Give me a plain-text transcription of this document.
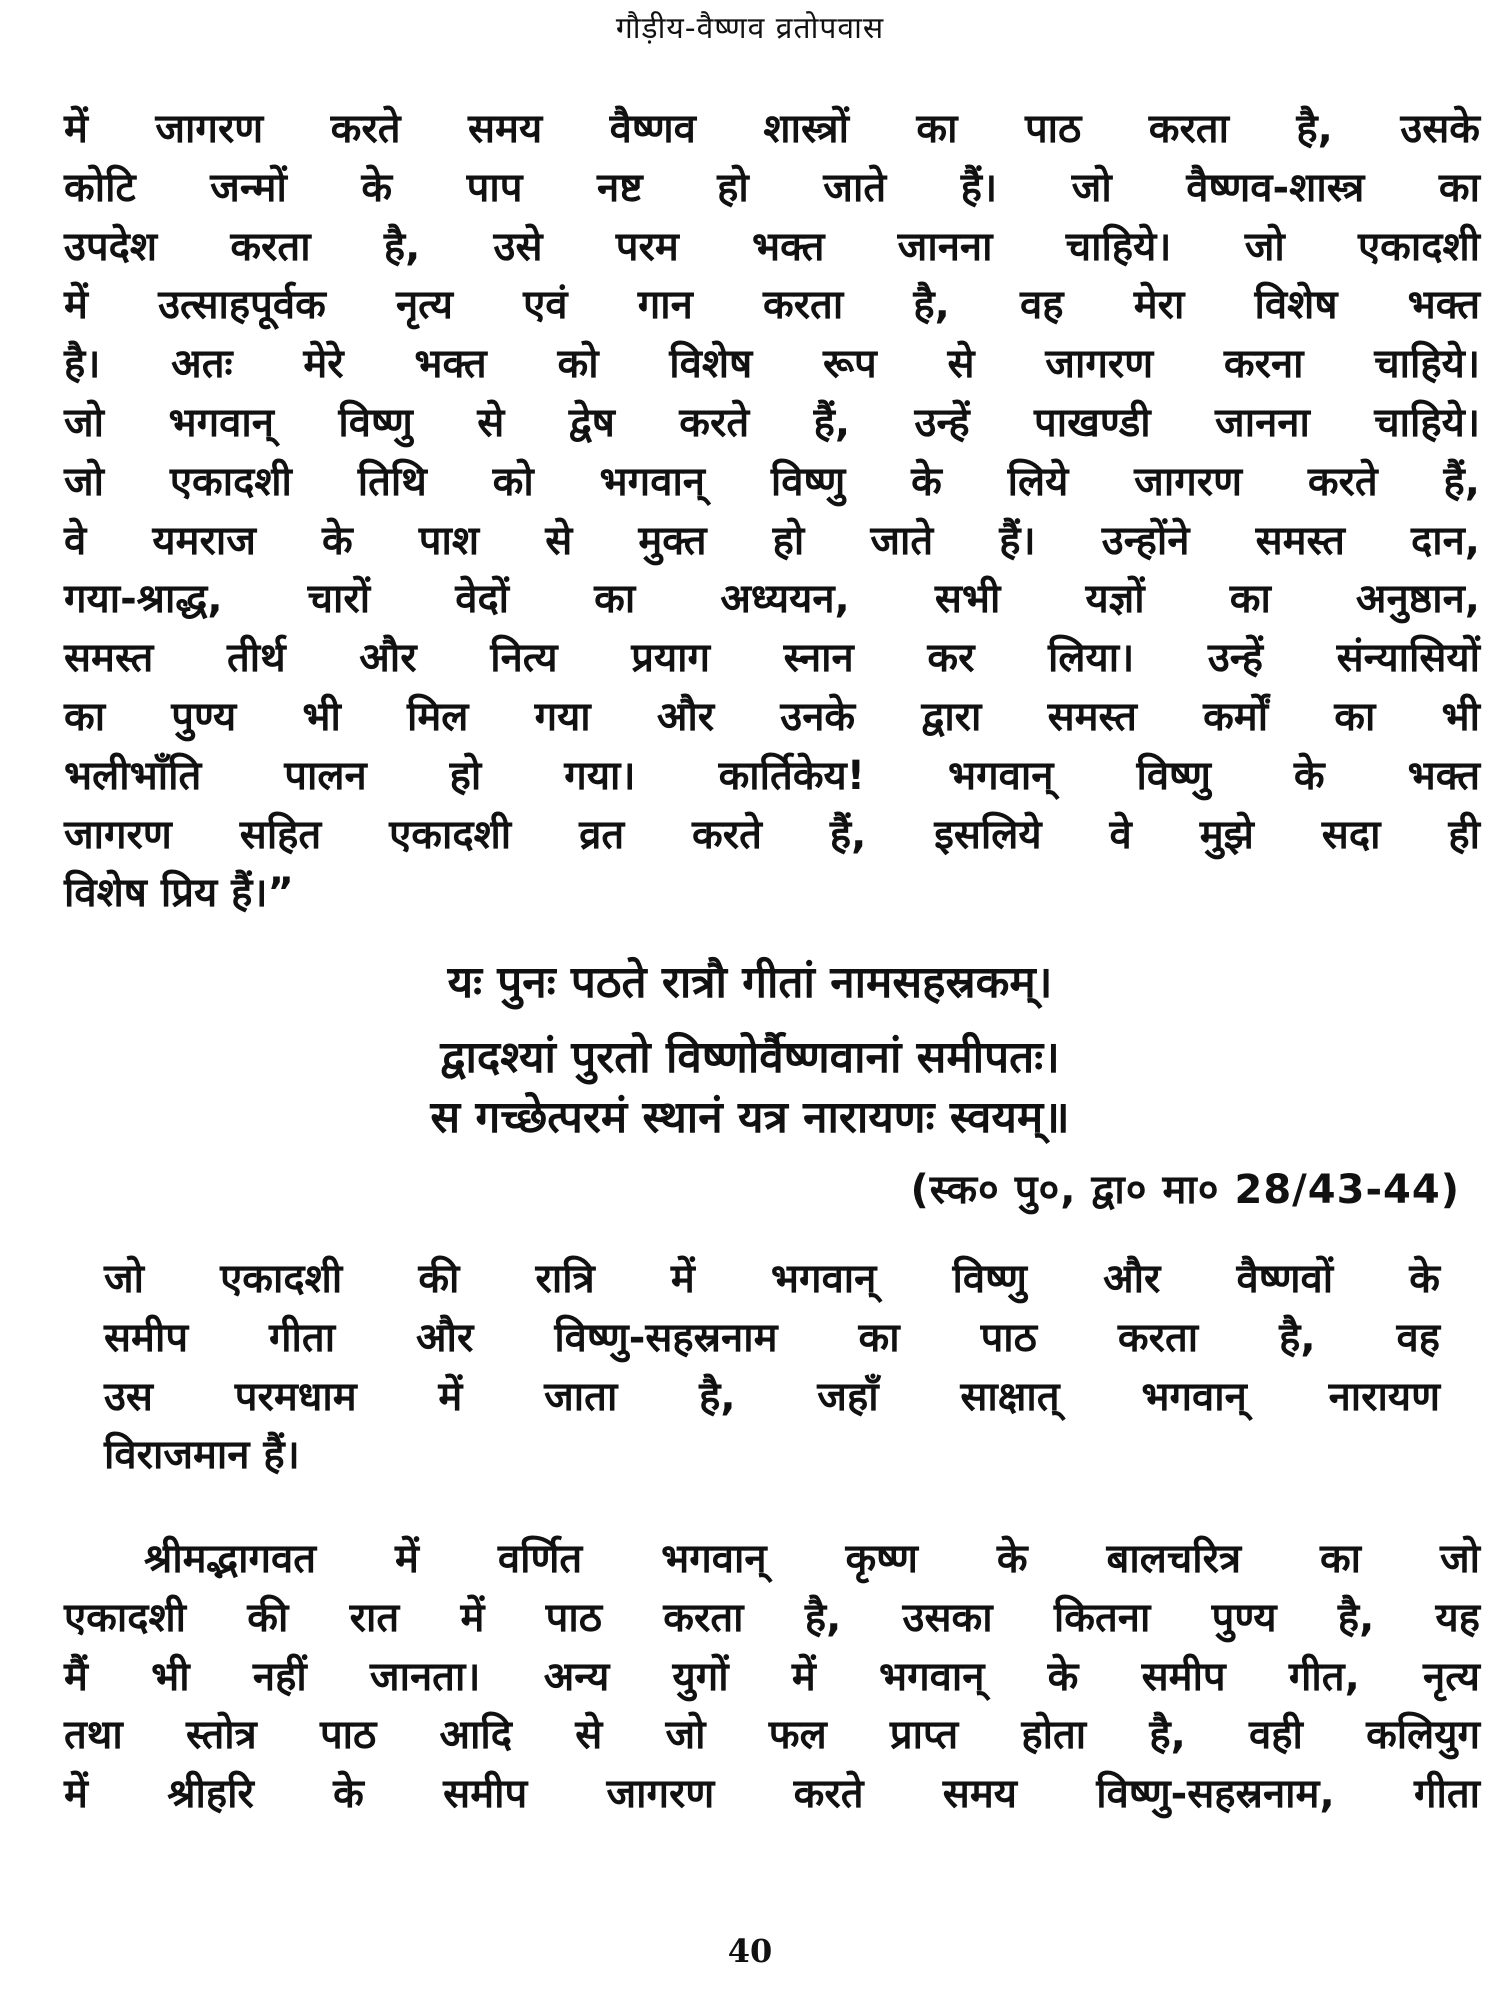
गौड़ीय-वैष्णव व्रतोपवास
में जागरण करते समय वैष्णव शास्त्रों का पाठ करता है, उसके
कोटि जन्मों के पाप नष्ट हो जाते हैं। जो वैष्णव-शास्त्र का
उपदेश करता है, उसे परम भक्त जानना चाहिये। जो एकादशी
में उत्साहपूर्वक नृत्य एवं गान करता है, वह मेरा विशेष भक्त
है। अतः मेरे भक्त को विशेष रूप से जागरण करना चाहिये।
जो भगवान् विष्णु से द्वेष करते हैं, उन्हें पाखण्डी जानना चाहिये।
जो एकादशी तिथि को भगवान् विष्णु के लिये जागरण करते हैं,
वे यमराज के पाश से मुक्त हो जाते हैं। उन्होंने समस्त दान,
गया-श्राद्ध, चारों वेदों का अध्ययन, सभी यज्ञों का अनुष्ठान,
समस्त तीर्थ और नित्य प्रयाग स्नान कर लिया। उन्हें संन्यासियों
का पुण्य भी मिल गया और उनके द्वारा समस्त कर्मों का भी
भलीभाँति पालन हो गया। कार्तिकेय! भगवान् विष्णु के भक्त
जागरण सहित एकादशी व्रत करते हैं, इसलिये वे मुझे सदा ही
विशेष प्रिय हैं।”
यः पुनः पठते रात्रौ गीतां नामसहस्रकम्।
द्वादश्यां पुरतो विष्णोर्वैष्णवानां समीपतः।
स गच्छेत्परमं स्थानं यत्र नारायणः स्वयम्॥
(स्क० पु०, द्वा० मा० 28/43-44)
जो एकादशी की रात्रि में भगवान् विष्णु और वैष्णवों के
समीप गीता और विष्णु-सहस्रनाम का पाठ करता है, वह
उस परमधाम में जाता है, जहाँ साक्षात् भगवान् नारायण
विराजमान हैं।
श्रीमद्भागवत में वर्णित भगवान् कृष्ण के बालचरित्र का जो
एकादशी की रात में पाठ करता है, उसका कितना पुण्य है, यह
मैं भी नहीं जानता। अन्य युगों में भगवान् के समीप गीत, नृत्य
तथा स्तोत्र पाठ आदि से जो फल प्राप्त होता है, वही कलियुग
में श्रीहरि के समीप जागरण करते समय विष्णु-सहस्रनाम, गीता
40
